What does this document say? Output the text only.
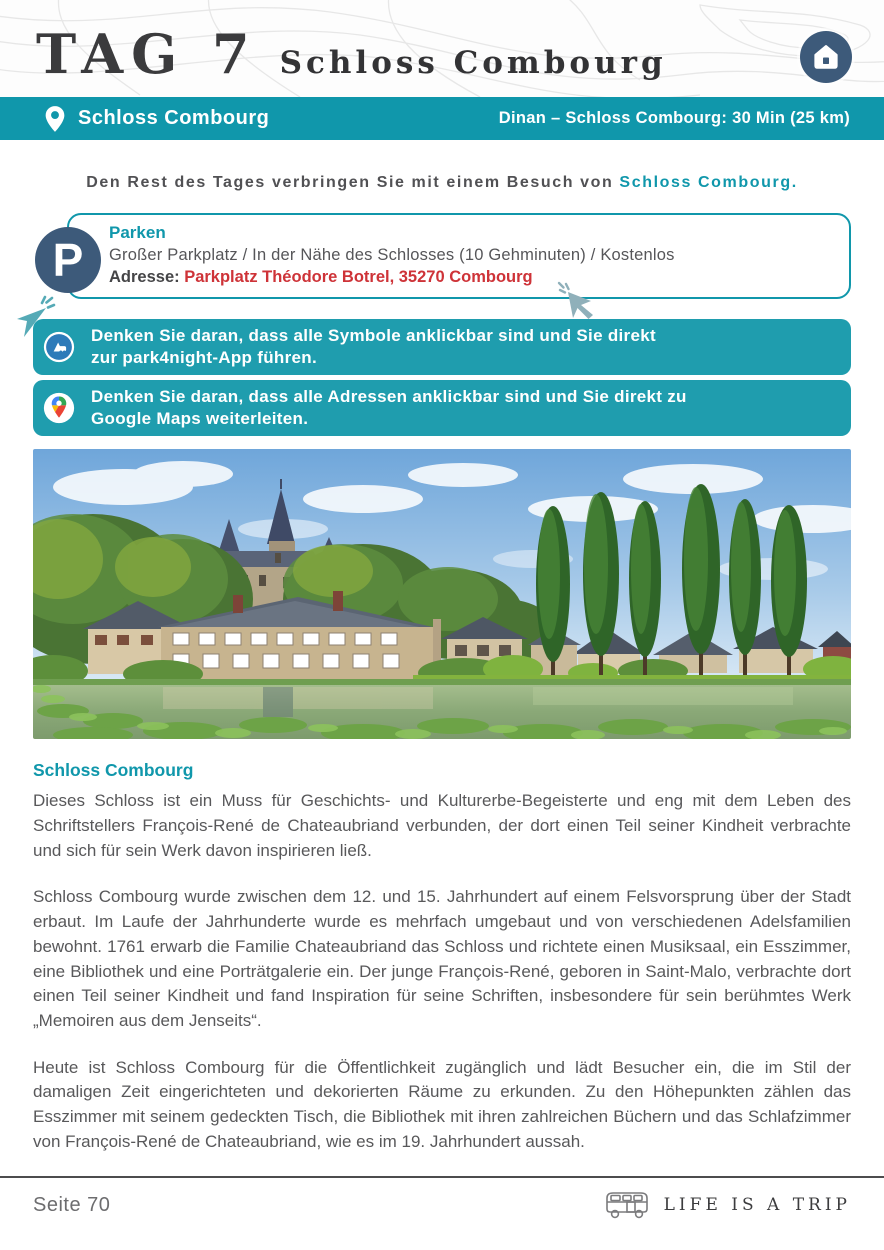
TAG 7 Schloss Combourg
Schloss Combourg	Dinan – Schloss Combourg: 30 Min (25 km)

Den Rest des Tages verbringen Sie mit einem Besuch von Schloss Combourg.

P
Parken
Großer Parkplatz / In der Nähe des Schlosses (10 Gehminuten) / Kostenlos
Adresse: Parkplatz Théodore Botrel, 35270 Combourg
Denken Sie daran, dass alle Symbole anklickbar sind und Sie direkt
zur park4night-App führen.
Denken Sie daran, dass alle Adressen anklickbar sind und Sie direkt zu
Google Maps weiterleiten.
Schloss Combourg

Dieses Schloss ist ein Muss für Geschichts- und Kulturerbe-Begeisterte und eng mit dem Leben des Schriftstellers François-René de Chateaubriand verbunden, der dort einen Teil seiner Kindheit verbrachte und sich für sein Werk davon inspirieren ließ.

Schloss Combourg wurde zwischen dem 12. und 15. Jahrhundert auf einem Felsvorsprung über der Stadt erbaut. Im Laufe der Jahrhunderte wurde es mehrfach umgebaut und von verschiedenen Adelsfamilien bewohnt. 1761 erwarb die Familie Chateaubriand das Schloss und richtete einen Musiksaal, ein Esszimmer, eine Bibliothek und eine Porträtgalerie ein. Der junge François-René, geboren in Saint-Malo, verbrachte dort einen Teil seiner Kindheit und fand Inspiration für seine Schriften, insbesondere für sein berühmtes Werk „Memoiren aus dem Jenseits“.

Heute ist Schloss Combourg für die Öffentlichkeit zugänglich und lädt Besucher ein, die im Stil der damaligen Zeit eingerichteten und dekorierten Räume zu erkunden. Zu den Höhepunkten zählen das Esszimmer mit seinem gedeckten Tisch, die Bibliothek mit ihren zahlreichen Büchern und das Schlafzimmer von François-René de Chateaubriand, wie es im 19. Jahrhundert aussah.

Seite 70	LIFE IS A TRIP
